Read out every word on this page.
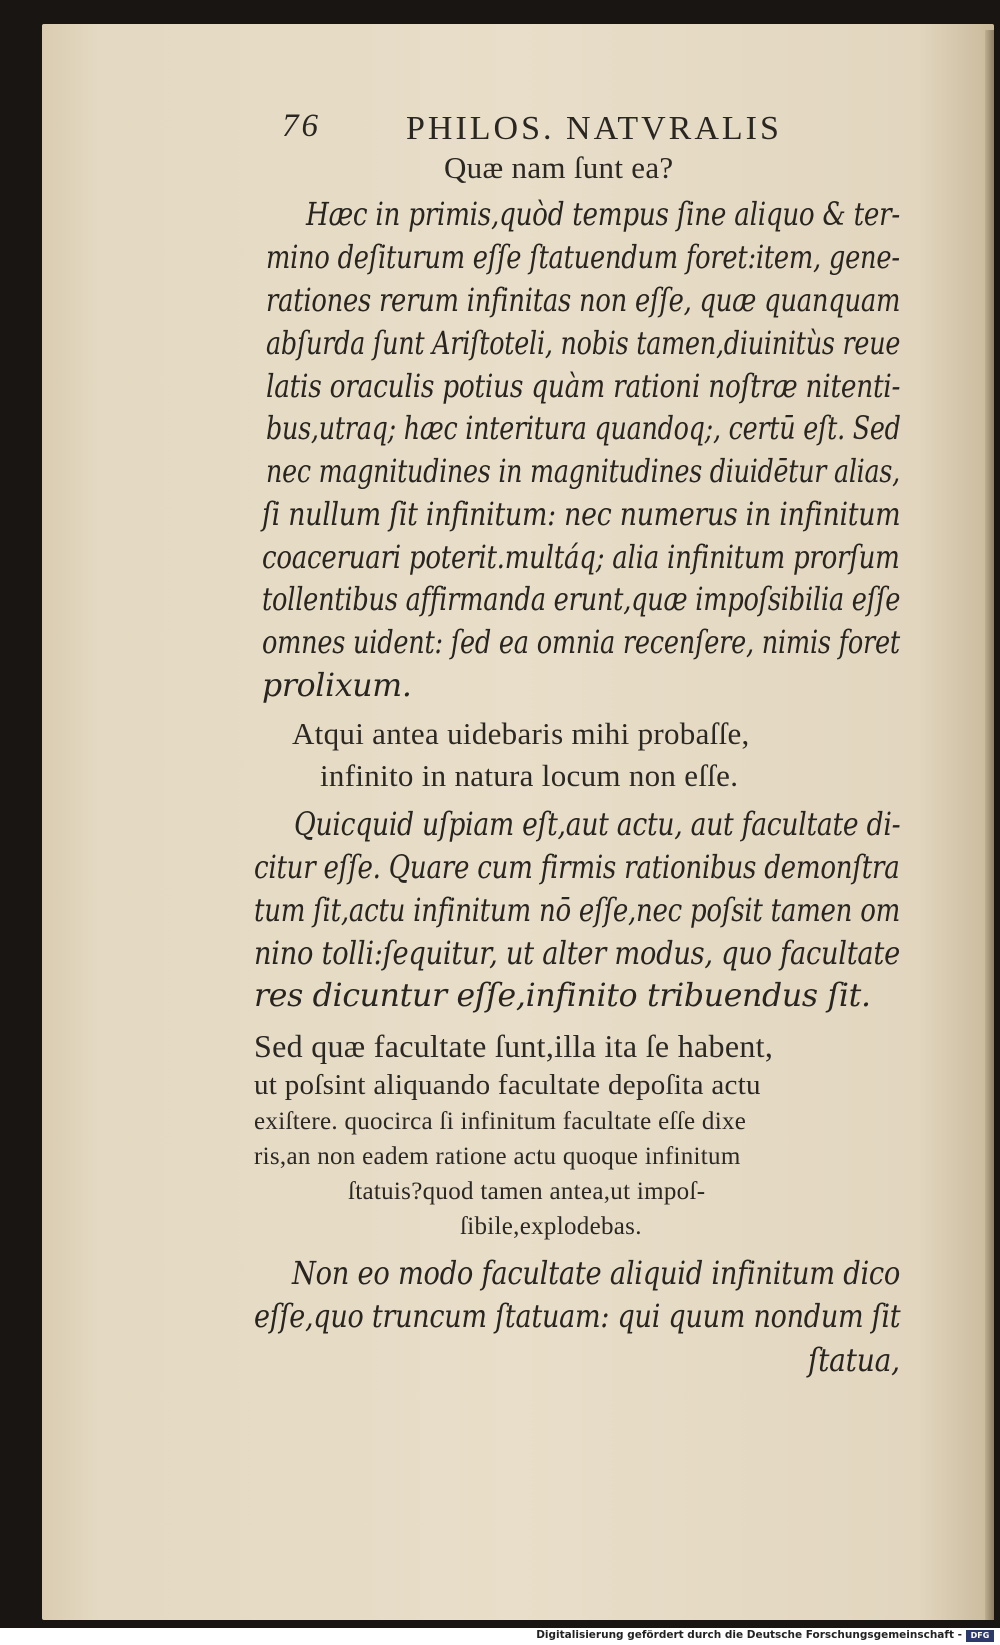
76	PHILOS. NATVRALIS
Quæ nam ſunt ea?
Hæc in primis,quòd tempus ſine aliquo & ter-
mino deſiturum eſſe ſtatuendum foret:item, gene-
rationes rerum infinitas non eſſe, quæ quanquam
abſurda ſunt Ariſtoteli, nobis tamen,diuinitùs reue
latis oraculis potius quàm rationi noſtræ nitenti-
bus,utraq; hæc interitura quandoq;, certū eſt. Sed
nec magnitudines in magnitudines diuidētur alias,
ſi nullum ſit infinitum: nec numerus in infinitum
coaceruari poterit.multáq; alia infinitum prorſum
tollentibus affirmanda erunt,quæ impoſsibilia eſſe
omnes uident: ſed ea omnia recenſere, nimis foret
prolixum.
Atqui antea uidebaris mihi probaſſe,
infinito in natura locum non eſſe.
Quicquid uſpiam eſt,aut actu, aut facultate di-
citur eſſe. Quare cum firmis rationibus demonſtra
tum ſit,actu infinitum nō eſſe,nec poſsit tamen om
nino tolli:ſequitur, ut alter modus, quo facultate
res dicuntur eſſe,infinito tribuendus ſit.
Sed quæ facultate ſunt,illa ita ſe habent,
ut poſsint aliquando facultate depoſita actu
exiſtere. quocirca ſi infinitum facultate eſſe dixe
ris,an non eadem ratione actu quoque infinitum
ſtatuis?quod tamen antea,ut impoſ-
ſibile,explodebas.
Non eo modo facultate aliquid infinitum dico
eſſe,quo truncum ſtatuam: qui quum nondum ſit
ſtatua,
Digitalisierung gefördert durch die Deutsche Forschungsgemeinschaft -	DFG
